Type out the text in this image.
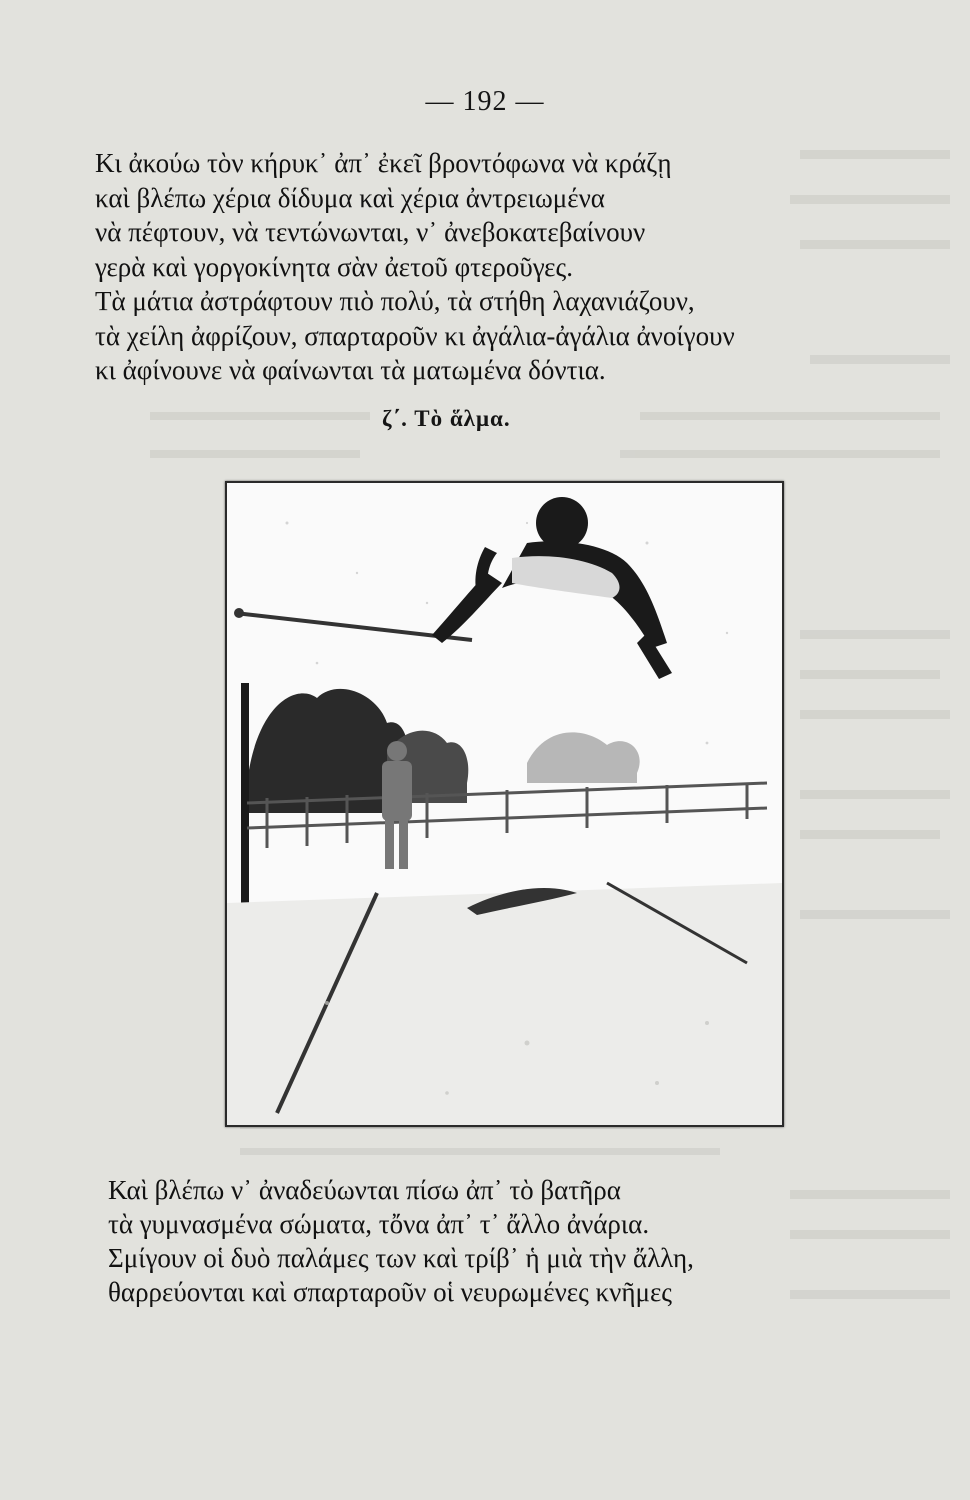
— 192 —
Κι ἀκούω τὸν κήρυκ᾿ ἀπ᾿ ἐκεῖ βροντόφωνα νὰ κράζῃ
καὶ βλέπω χέρια δίδυμα καὶ χέρια ἀντρειωμένα
νὰ πέφτουν, νὰ τεντώνωνται, ν᾿ ἀνεβοκατεβαίνουν
γερὰ καὶ γοργοκίνητα σὰν ἀετοῦ φτεροῦγες.
Τὰ μάτια ἀστράφτουν πιὸ πολύ, τὰ στήθη λαχανιάζουν,
τὰ χείλη ἀφρίζουν, σπαρταροῦν κι ἀγάλια-ἀγάλια ἀνοίγουν
κι ἀφίνουνε νὰ φαίνωνται τὰ ματωμένα δόντια.
ζ΄. Τὸ ἅλμα.
Καὶ βλέπω ν᾿ ἀναδεύωνται πίσω ἀπ᾿ τὸ βατῆρα
τὰ γυμνασμένα σώματα, τὄνα ἀπ᾿ τ᾿ ἄλλο ἀνάρια.
Σμίγουν οἱ δυὸ παλάμες των καὶ τρίβ᾿ ἡ μιὰ τὴν ἄλλη,
θαρρεύονται καὶ σπαρταροῦν οἱ νευρωμένες κνῆμες
